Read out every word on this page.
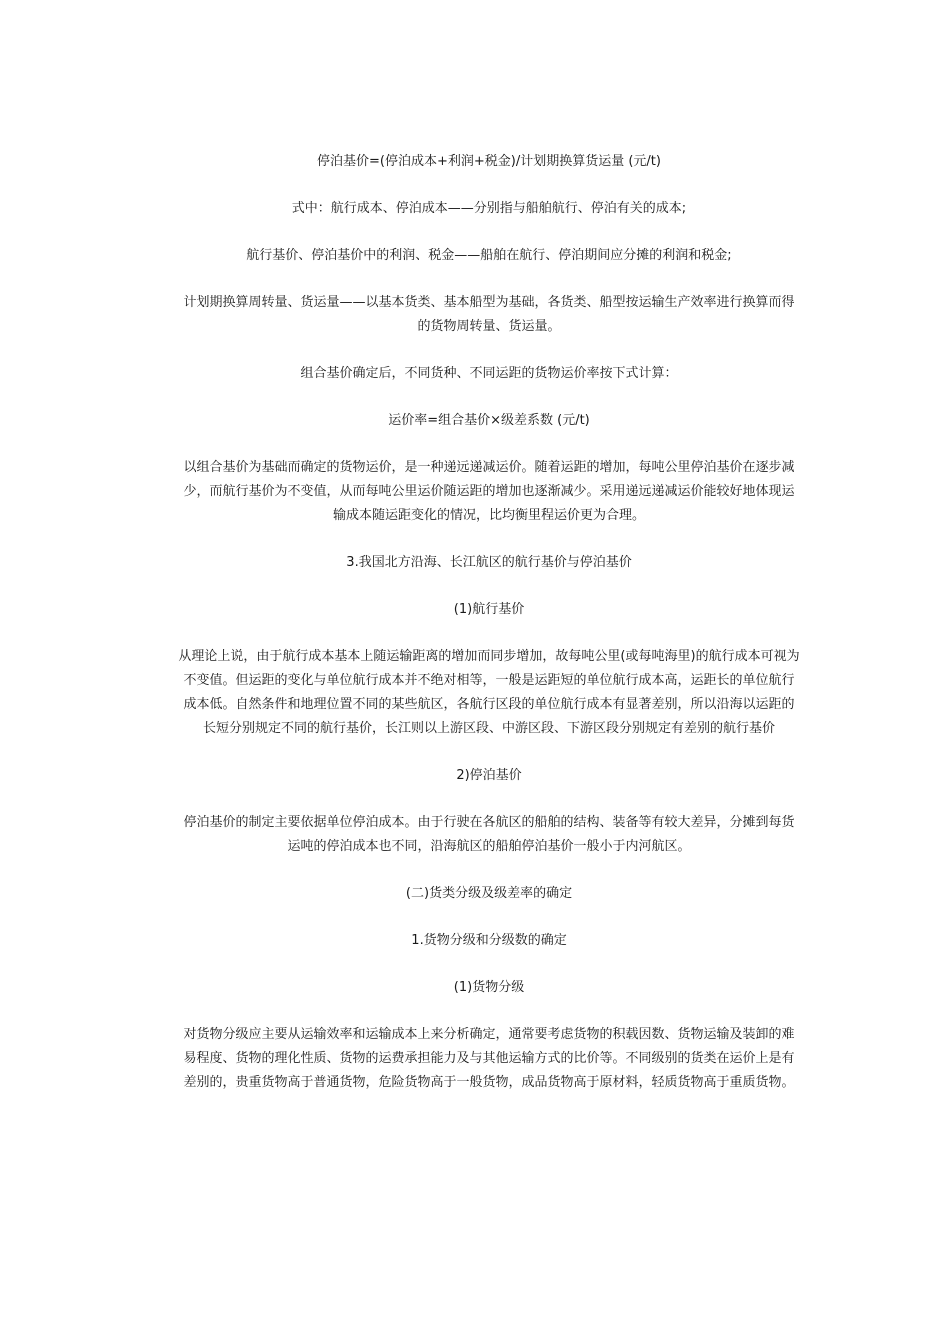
停泊基价=(停泊成本+利润+税金)/计划期换算货运量 (元/t)

式中：航行成本、停泊成本——分别指与船舶航行、停泊有关的成本;

航行基价、停泊基价中的利润、税金——船舶在航行、停泊期间应分摊的利润和税金;

计划期换算周转量、货运量——以基本货类、基本船型为基础，各货类、船型按运输生产效率进行换算而得的货物周转量、货运量。

组合基价确定后，不同货种、不同运距的货物运价率按下式计算：

运价率=组合基价×级差系数 (元/t)

以组合基价为基础而确定的货物运价，是一种递远递减运价。随着运距的增加，每吨公里停泊基价在逐步减少，而航行基价为不变值，从而每吨公里运价随运距的增加也逐渐减少。采用递远递减运价能较好地体现运输成本随运距变化的情况，比均衡里程运价更为合理。

3.我国北方沿海、长江航区的航行基价与停泊基价

(1)航行基价

从理论上说，由于航行成本基本上随运输距离的增加而同步增加，故每吨公里(或每吨海里)的航行成本可视为不变值。但运距的变化与单位航行成本并不绝对相等，一般是运距短的单位航行成本高，运距长的单位航行成本低。自然条件和地理位置不同的某些航区，各航行区段的单位航行成本有显著差别，所以沿海以运距的长短分别规定不同的航行基价，长江则以上游区段、中游区段、下游区段分别规定有差别的航行基价

2)停泊基价

停泊基价的制定主要依据单位停泊成本。由于行驶在各航区的船舶的结构、装备等有较大差异，分摊到每货运吨的停泊成本也不同，沿海航区的船舶停泊基价一般小于内河航区。

(二)货类分级及级差率的确定

1.货物分级和分级数的确定

(1)货物分级

对货物分级应主要从运输效率和运输成本上来分析确定，通常要考虑货物的积载因数、货物运输及装卸的难易程度、货物的理化性质、货物的运费承担能力及与其他运输方式的比价等。不同级别的货类在运价上是有差别的，贵重货物高于普通货物，危险货物高于一般货物，成品货物高于原材料，轻质货物高于重质货物。
